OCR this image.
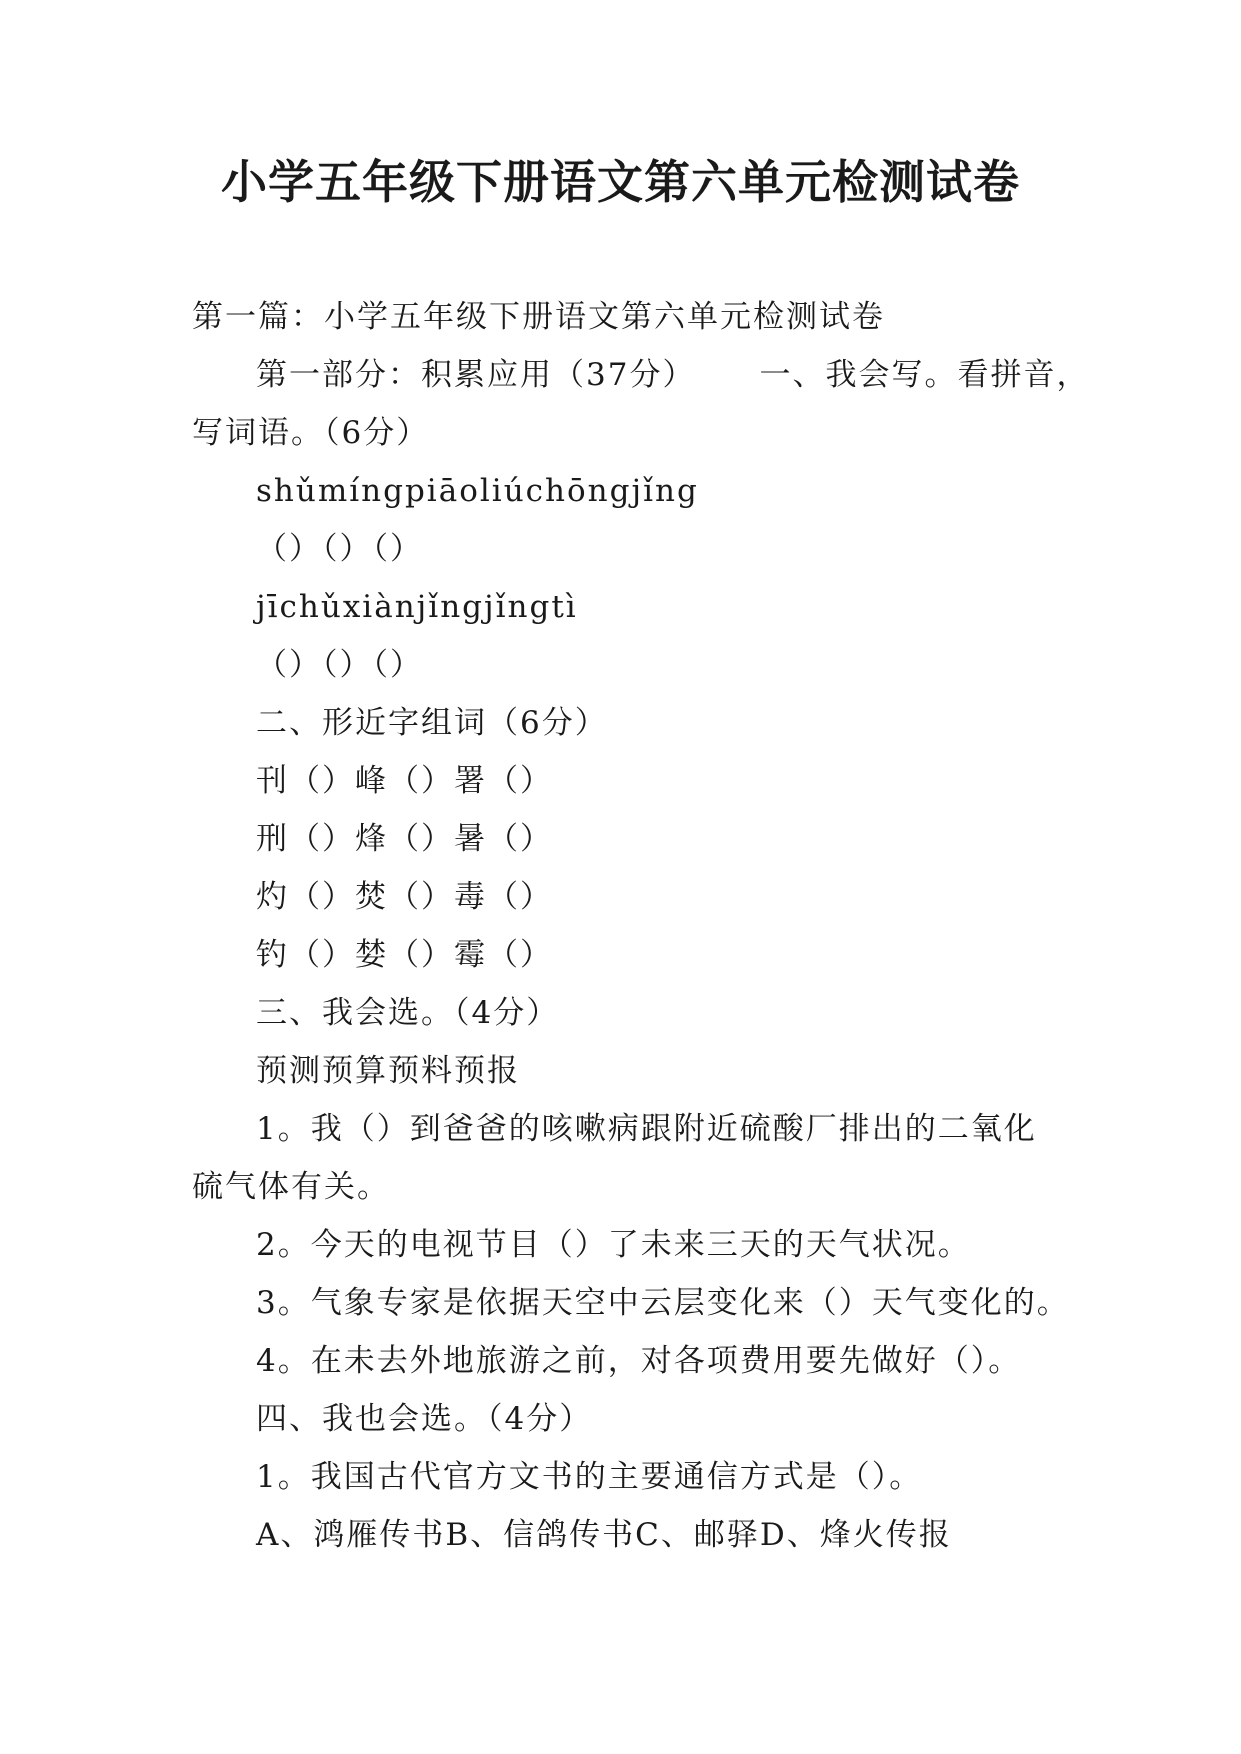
小学五年级下册语文第六单元检测试卷
第一篇：小学五年级下册语文第六单元检测试卷
第一部分：积累应用（37分） 一、我会写。看拼音，
写词语。（6分）
shǔmíngpiāoliúchōngjǐng
（）（）（）
jīchǔxiànjǐngjǐngtì
（）（）（）
二、形近字组词（6分）
刊（）峰（）署（）
刑（）烽（）暑（）
灼（）焚（）毒（）
钓（）婪（）霉（）
三、我会选。（4分）
预测预算预料预报
1。我（）到爸爸的咳嗽病跟附近硫酸厂排出的二氧化
硫气体有关。
2。今天的电视节目（）了未来三天的天气状况。
3。气象专家是依据天空中云层变化来（）天气变化的。
4。在未去外地旅游之前，对各项费用要先做好（）。
四、我也会选。（4分）
1。我国古代官方文书的主要通信方式是（）。
A、鸿雁传书B、信鸽传书C、邮驿D、烽火传报
